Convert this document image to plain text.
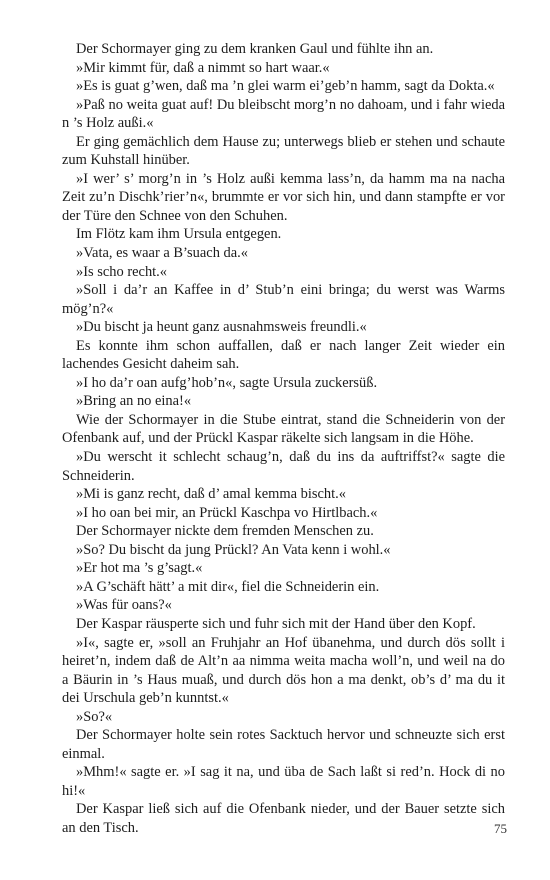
Der Schormayer ging zu dem kranken Gaul und fühlte ihn an.

»Mir kimmt für, daß a nimmt so hart waar.«

»Es is guat g’wen, daß ma ’n glei warm ei’geb’n hamm, sagt da Dokta.«

»Paß no weita guat auf! Du bleibscht morg’n no dahoam, und i fahr wieda n ’s Holz außi.«

Er ging gemächlich dem Hause zu; unterwegs blieb er stehen und schaute zum Kuhstall hinüber.

»I wer’ s’ morg’n in ’s Holz außi kemma lass’n, da hamm ma na nacha Zeit zu’n Dischk’rier’n«, brummte er vor sich hin, und dann stampfte er vor der Türe den Schnee von den Schuhen.

Im Flötz kam ihm Ursula entgegen.

»Vata, es waar a B’suach da.«

»Is scho recht.«

»Soll i da’r an Kaffee in d’ Stub’n eini bringa; du werst was Warms mög’n?«

»Du bischt ja heunt ganz ausnahmsweis freundli.«

Es konnte ihm schon auffallen, daß er nach langer Zeit wieder ein lachendes Gesicht daheim sah.

»I ho da’r oan aufg’hob’n«, sagte Ursula zuckersüß.

»Bring an no eina!«

Wie der Schormayer in die Stube eintrat, stand die Schneiderin von der Ofenbank auf, und der Prückl Kaspar räkelte sich langsam in die Höhe.

»Du werscht it schlecht schaug’n, daß du ins da auftriffst?« sagte die Schneiderin.

»Mi is ganz recht, daß d’ amal kemma bischt.«

»I ho oan bei mir, an Prückl Kaschpa vo Hirtlbach.«

Der Schormayer nickte dem fremden Menschen zu.

»So? Du bischt da jung Prückl? An Vata kenn i wohl.«

»Er hot ma ’s g’sagt.«

»A G’schäft hätt’ a mit dir«, fiel die Schneiderin ein.

»Was für oans?«

Der Kaspar räusperte sich und fuhr sich mit der Hand über den Kopf.

»I«, sagte er, »soll an Fruhjahr an Hof übanehma, und durch dös sollt i heiret’n, indem daß de Alt’n aa nimma weita macha woll’n, und weil na do a Bäurin in ’s Haus muaß, und durch dös hon a ma denkt, ob’s d’ ma du it dei Urschula geb’n kunntst.«

»So?«

Der Schormayer holte sein rotes Sacktuch hervor und schneuzte sich erst einmal.

»Mhm!« sagte er. »I sag it na, und üba de Sach laßt si red’n. Hock di no hi!«

Der Kaspar ließ sich auf die Ofenbank nieder, und der Bauer setzte sich an den Tisch.	75
